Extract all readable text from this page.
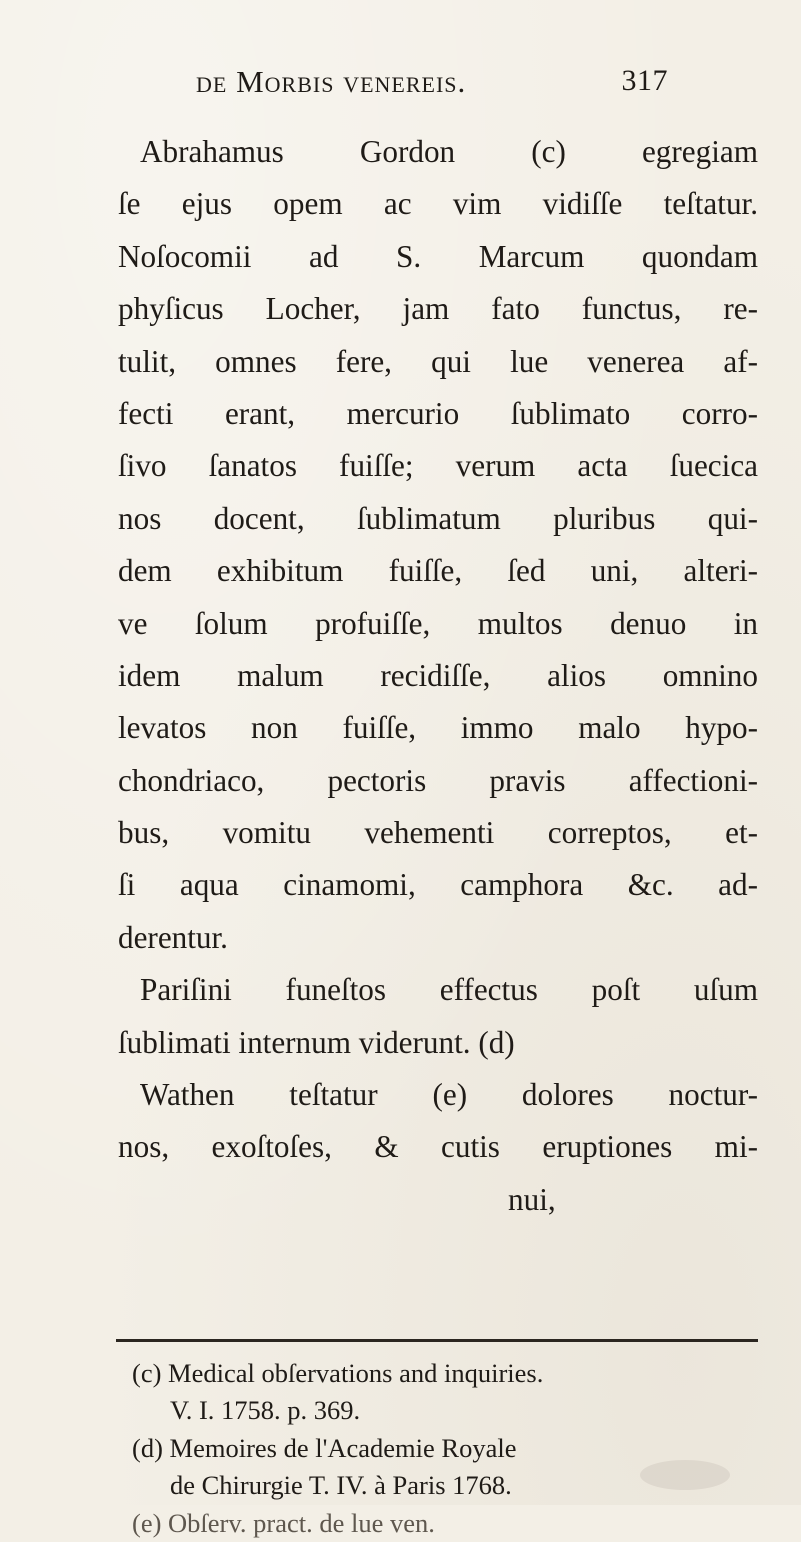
de Morbis venereis.	317
Abrahamus Gordon (c) egregiam
ſe ejus opem ac vim vidiſſe teſtatur.
Noſocomii ad S. Marcum quondam
phyſicus Locher, jam fato functus, re-
tulit, omnes fere, qui lue venerea af-
fecti erant, mercurio ſublimato corro-
ſivo ſanatos fuiſſe; verum acta ſuecica
nos docent, ſublimatum pluribus qui-
dem exhibitum fuiſſe, ſed uni, alteri-
ve ſolum profuiſſe, multos denuo in
idem malum recidiſſe, alios omnino
levatos non fuiſſe, immo malo hypo-
chondriaco, pectoris pravis affectioni-
bus, vomitu vehementi correptos, et-
ſi aqua cinamomi, camphora &c. ad-
derentur.
Pariſini funeſtos effectus poſt uſum
ſublimati internum viderunt. (d)
Wathen teſtatur (e) dolores noctur-
nos, exoſtoſes, & cutis eruptiones mi-
nui,
(c) Medical obſervations and inquiries.
V. I. 1758. p. 369.
(d) Memoires de l'Academie Royale
de Chirurgie T. IV. à Paris 1768.
(e) Obſerv. pract. de lue ven.
